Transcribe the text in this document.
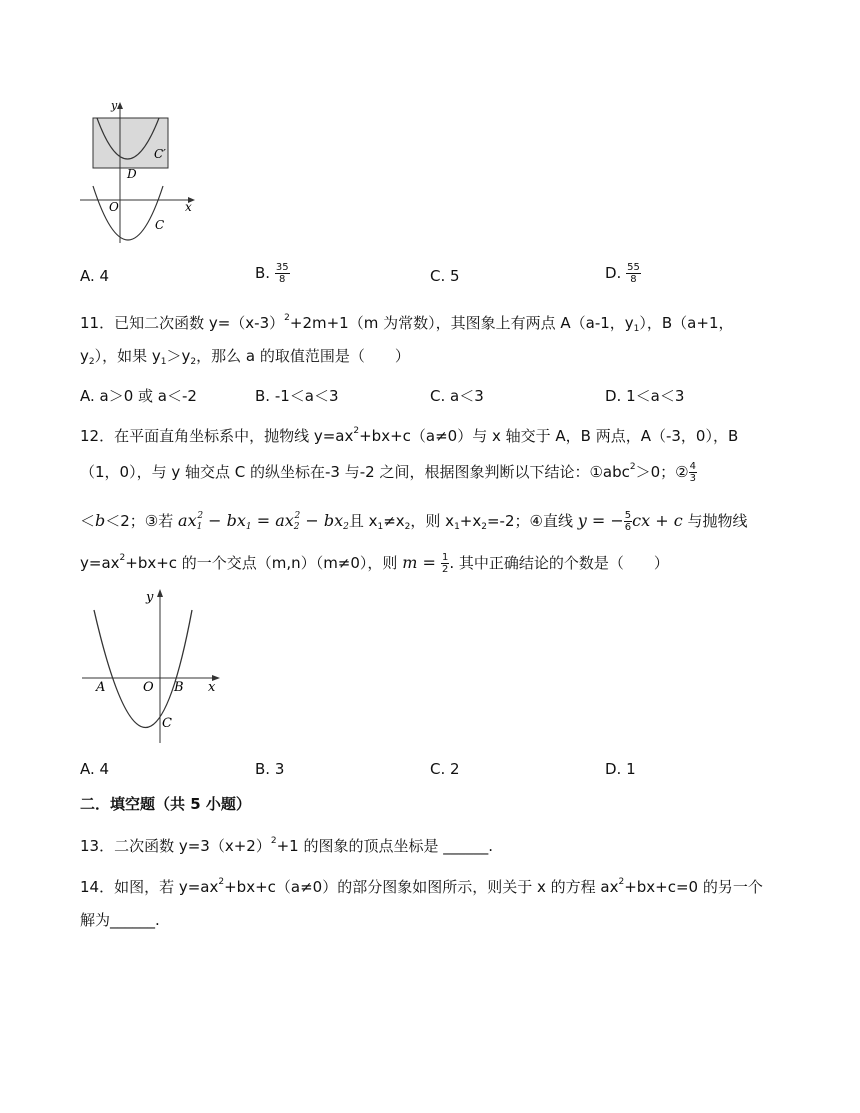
y
C′
D
O	x
C
A. 4	B. $\frac{35}{8}$	C. 5	D. $\frac{55}{8}$
11．已知二次函数 $y=(x-3)^2+2m+1(m$ 为常数），其图象上有两点 A（a-1，$y_1$），B（a+1，
$y_2$），如果 $y_1>y_2$，那么 a 的取值范围是（　　）
A. a＞0 或 a＜-2	B. -1＜a＜3	C. a＜3	D. 1＜a＜3
12．在平面直角坐标系中，抛物线 $y=ax^2+bx+c(a\ne 0)$与 x 轴交于 A，B 两点，A（-3，0），B
（1，0），与 y 轴交点 C 的纵坐标在-3 与-2 之间，根据图象判断以下结论：①abc$^2$＞0；② $\frac{4}{3}$
＜b＜2；③若 $ax_1^2 - bx_1 = ax_2^2 - bx_2$且 $x_1\ne x_2$，则 $x_1+x_2=-2$；④直线 y = − $\frac{5}{6}$ cx + c 与抛物线
$y=ax^2+bx+c$ 的一个交点（m,n）（m≠0），则 $m = \frac{1}{2}$ . 其中正确结论的个数是（　　）
y
A	O B x
C
A. 4	B. 3	C. 2	D. 1
二．填空题（共 5 小题）
13．二次函数 $y=3(x+2)^2+1$ 的图象的顶点坐标是 ______.
14．如图，若 $y=ax^2+bx+c(a\ne 0)$的部分图象如图所示，则关于 x 的方程 $ax^2+bx+c=0$ 的另一个
解为______.
